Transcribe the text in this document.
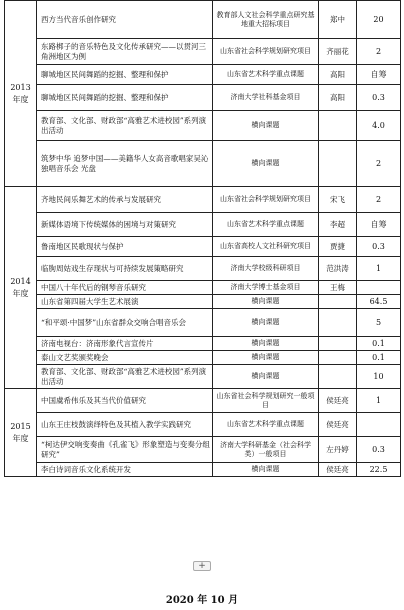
2013年度	西方当代音乐创作研究	教育部人文社会科学重点研究基地重大招标项目	郑中	20
	东路梆子的音乐特色及文化传承研究——以贯河三角洲地区为例	山东省社会科学规划研究项目	齐丽花	2
	聊城地区民间舞蹈的挖掘、整理和保护	山东省艺术科学重点课题	高阳	自筹
	聊城地区民间舞蹈的挖掘、整理和保护	济南大学社科基金项目	高阳	0.3
	教育部、文化部、财政部“高雅艺术进校园”系列演出活动	横向课题		4.0
	筑梦中华 追梦中国——美籍华人女高音歌唱家吴沁独唱音乐会 光盘	横向课题		2
2014年度	齐地民间乐舞艺术的传承与发展研究	山东省社会科学规划研究项目	宋飞	2
	新媒体语境下传统媒体的困境与对策研究	山东省艺术科学重点课题	李超	自筹
	鲁南地区民歌现状与保护	山东省高校人文社科研究项目	贾捷	0.3
	临朐周姑戏生存现状与可持续发展策略研究	济南大学校级科研项目	范洪涛	1
	中国八十年代后的钢琴音乐研究	济南大学博士基金项目	王梅	
	山东省第四届大学生艺术展演	横向课题		64.5
	“和平颂·中国梦”山东省群众交响合唱音乐会	横向课题		5
	济南电视台：济南形象代言宣传片	横向课题		0.1
	泰山文艺奖颁奖晚会	横向课题		0.1
	教育部、文化部、财政部“高雅艺术进校园”系列演出活动	横向课题		10
2015年度	中国虞希伟乐及其当代价值研究	山东省社会科学规划研究一般项目	侯廷亮	1
	山东王庄枝鼓演绎特色及其植入教学实践研究	山东省艺术科学重点课题	侯廷亮	
	“柯达伊交响变奏曲《孔雀飞》形象塑造与变奏分组研究”	济南大学科研基金（社会科学类）一般项目	左丹婷	0.3
	李白诗词音乐文化系统开发	横向课题	侯廷亮	22.5
+
2020 年 10 月
